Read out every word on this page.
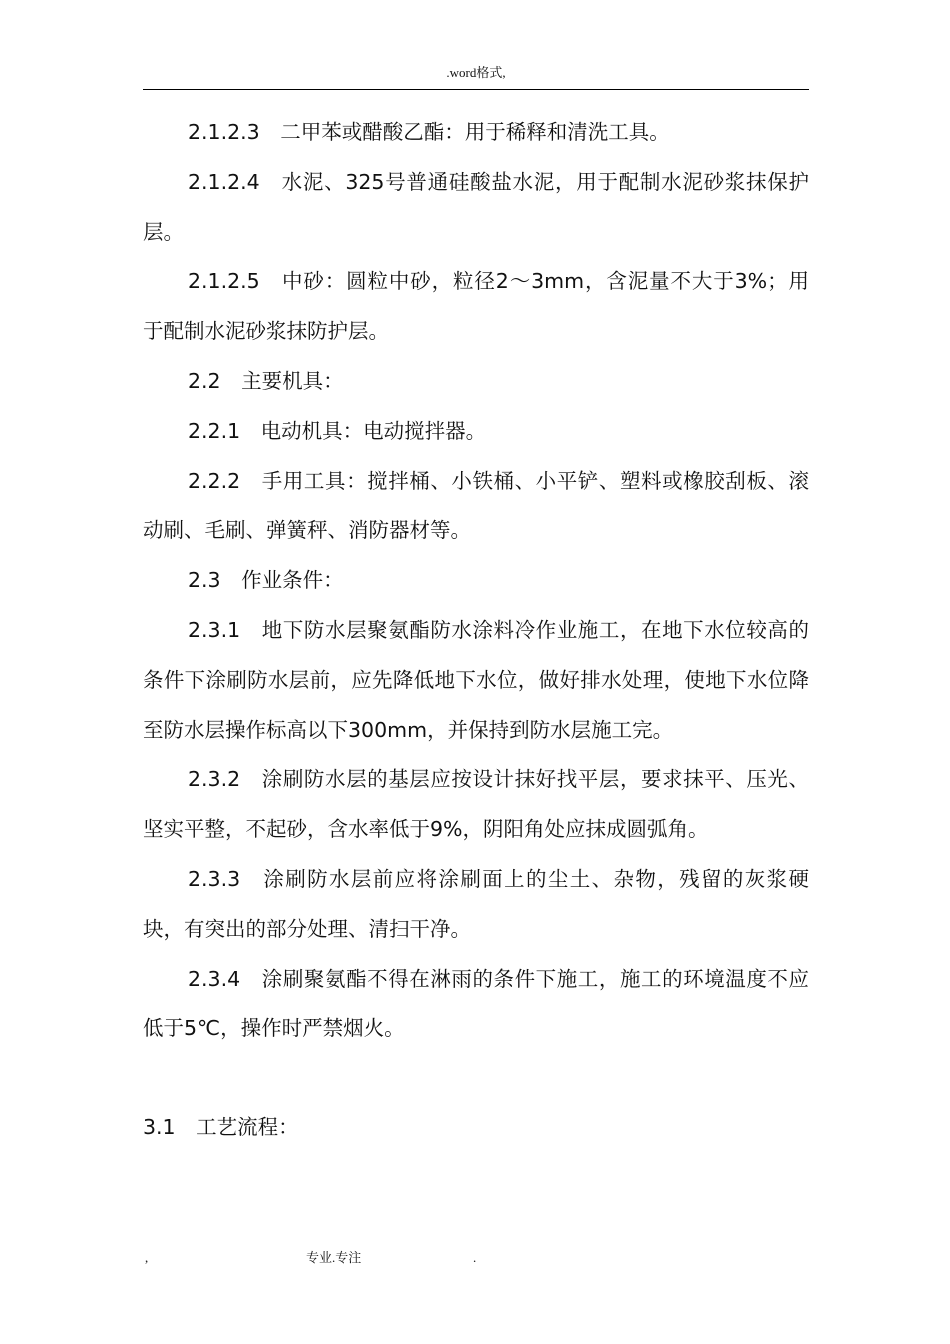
.word格式,

2.1.2.3　二甲苯或醋酸乙酯：用于稀释和清洗工具。

2.1.2.4　水泥、325号普通硅酸盐水泥，用于配制水泥砂浆抹保护层。

2.1.2.5　中砂：圆粒中砂，粒径2～3mm，含泥量不大于3%；用于配制水泥砂浆抹防护层。

2.2　主要机具：

2.2.1　电动机具：电动搅拌器。

2.2.2　手用工具：搅拌桶、小铁桶、小平铲、塑料或橡胶刮板、滚动刷、毛刷、弹簧秤、消防器材等。

2.3　作业条件：

2.3.1　地下防水层聚氨酯防水涂料冷作业施工，在地下水位较高的条件下涂刷防水层前，应先降低地下水位，做好排水处理，使地下水位降至防水层操作标高以下300mm，并保持到防水层施工完。

2.3.2　涂刷防水层的基层应按设计抹好找平层，要求抹平、压光、坚实平整，不起砂，含水率低于9%，阴阳角处应抹成圆弧角。

2.3.3　涂刷防水层前应将涂刷面上的尘土、杂物，残留的灰浆硬块，有突出的部分处理、清扫干净。

2.3.4　涂刷聚氨酯不得在淋雨的条件下施工，施工的环境温度不应低于5℃，操作时严禁烟火。

3.1　工艺流程：

,	专业.专注	.
